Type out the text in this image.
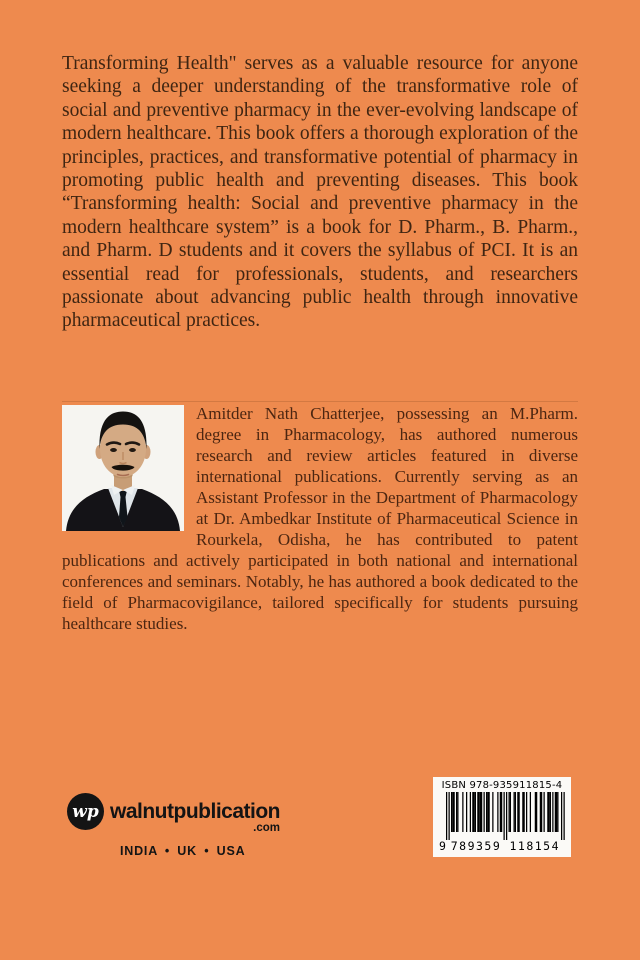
Transforming Health" serves as a valuable resource for anyone seeking a deeper understanding of the transformative role of social and preventive pharmacy in the ever-evolving landscape of modern healthcare. This book offers a thorough exploration of the principles, practices, and transformative potential of pharmacy in promoting public health and preventing diseases. This book “Transforming health: Social and preventive pharmacy in the modern healthcare system” is a book for D. Pharm., B. Pharm., and Pharm. D students and it covers the syllabus of PCI. It is an essential read for professionals, students, and researchers passionate about advancing public health through innovative pharmaceutical practices.

Amitder Nath Chatterjee, possessing an M.Pharm. degree in Pharmacology, has authored numerous research and review articles featured in diverse international publications. Currently serving as an Assistant Professor in the Department of Pharmacology at Dr. Ambedkar Institute of Pharmaceutical Science in Rourkela, Odisha, he has contributed to patent publications and actively participated in both national and international conferences and seminars. Notably, he has authored a book dedicated to the field of Pharmacovigilance, tailored specifically for students pursuing healthcare studies.
wp walnutpublication
.com
INDIA • UK • USA
ISBN 978-935911815-4
9 789359 118154
